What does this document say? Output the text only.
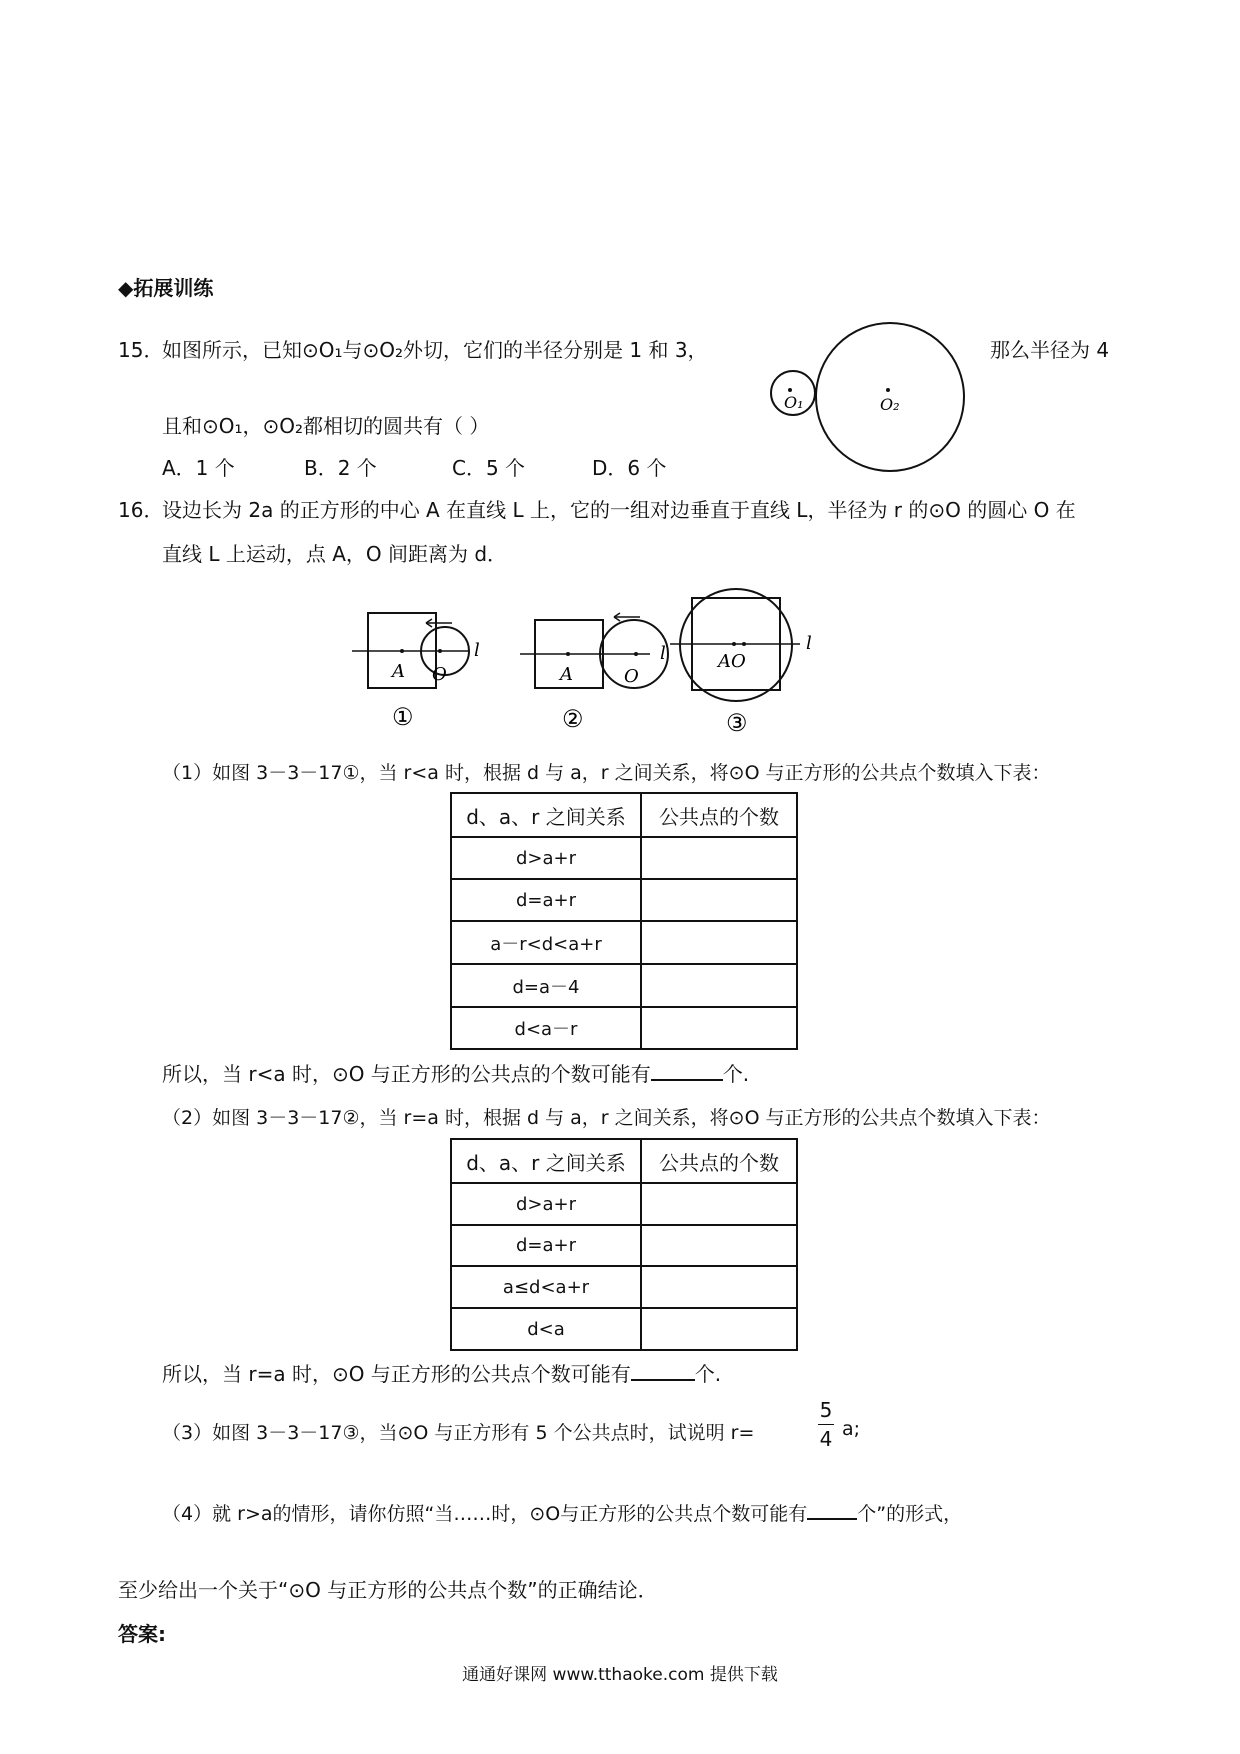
◆拓展训练
15．
如图所示，已知⊙O₁与⊙O₂外切，它们的半径分别是 1 和 3，	那么半径为 4
且和⊙O₁，⊙O₂都相切的圆共有（ ）
A．1 个	B．2 个	C．5 个	D．6 个
O₁	O₂
16．
设边长为 2a 的正方形的中心 A 在直线 L 上，它的一组对边垂直于直线 L，半径为 r 的⊙O 的圆心 O 在
直线 L 上运动，点 A，O 间距离为 d．
A O
l
①
A	O
l
②
AO
l
③
（1）如图 3－3－17①，当 r<a 时，根据 d 与 a，r 之间关系，将⊙O 与正方形的公共点个数填入下表：
d、a、r 之间关系	公共点的个数
d>a+r	
d=a+r	
a－r<d<a+r	
d=a－4	
d<a－r	
所以，当 r<a 时，⊙O 与正方形的公共点的个数可能有	个.
（2）如图 3－3－17②，当 r=a 时，根据 d 与 a，r 之间关系，将⊙O 与正方形的公共点个数填入下表：
d、a、r 之间关系	公共点的个数
d>a+r	
d=a+r	
a≤d<a+r	
d<a	
所以，当 r=a 时，⊙O 与正方形的公共点个数可能有	个.
（3）如图 3－3－17③，当⊙O 与正方形有 5 个公共点时，试说明 r=
5
4 a;
（4）就 r>a的情形，请你仿照“当……时，⊙O与正方形的公共点个数可能有	个”的形式，
至少给出一个关于“⊙O 与正方形的公共点个数”的正确结论．
答案:
通通好课网 www.tthaoke.com 提供下载
